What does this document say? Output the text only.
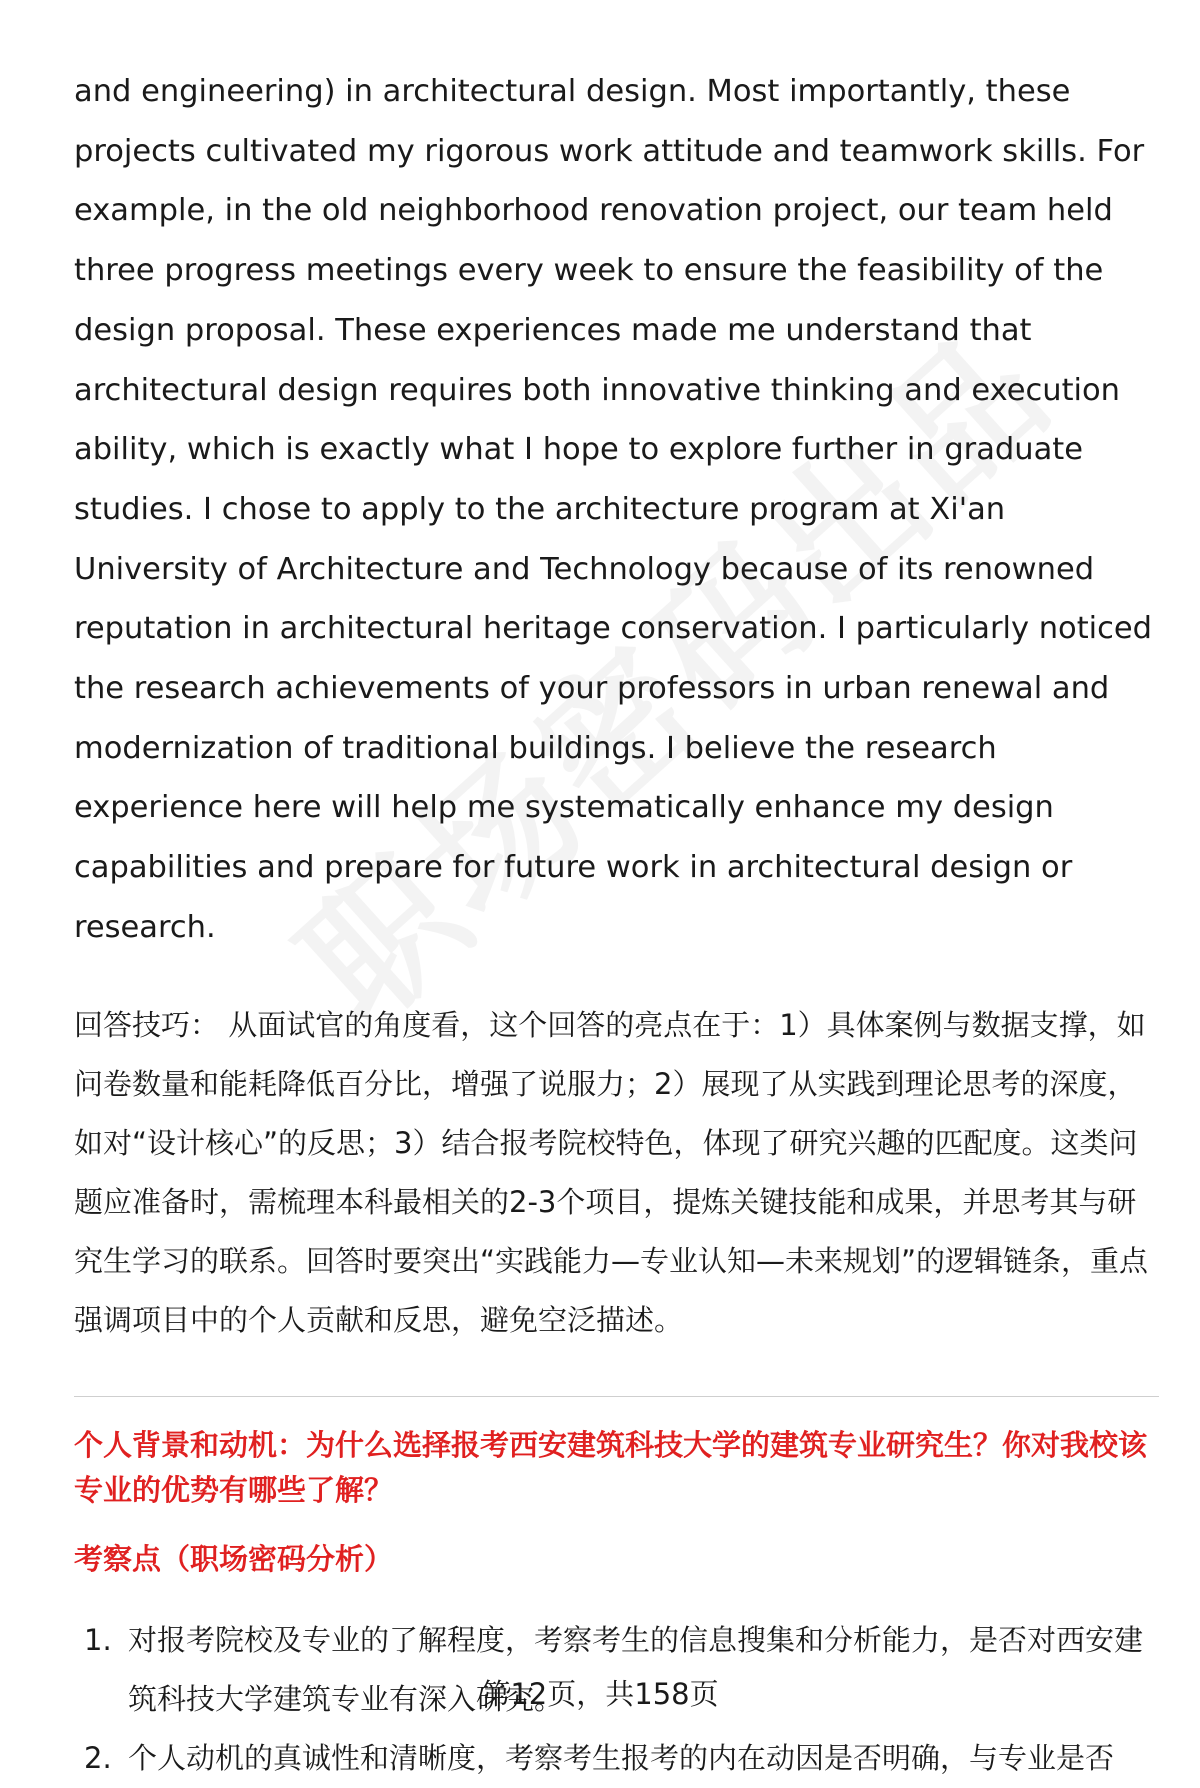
and engineering) in architectural design. Most importantly, these projects cultivated my rigorous work attitude and teamwork skills. For example, in the old neighborhood renovation project, our team held three progress meetings every week to ensure the feasibility of the design proposal. These experiences made me understand that architectural design requires both innovative thinking and execution ability, which is exactly what I hope to explore further in graduate studies. I chose to apply to the architecture program at Xi'an University of Architecture and Technology because of its renowned reputation in architectural heritage conservation. I particularly noticed the research achievements of your professors in urban renewal and modernization of traditional buildings. I believe the research experience here will help me systematically enhance my design capabilities and prepare for future work in architectural design or research.

回答技巧： 从面试官的角度看，这个回答的亮点在于：1）具体案例与数据支撑，如问卷数量和能耗降低百分比，增强了说服力；2）展现了从实践到理论思考的深度，如对“设计核心”的反思；3）结合报考院校特色，体现了研究兴趣的匹配度。这类问题应准备时，需梳理本科最相关的2-3个项目，提炼关键技能和成果，并思考其与研究生学习的联系。回答时要突出“实践能力—专业认知—未来规划”的逻辑链条，重点强调项目中的个人贡献和反思，避免空泛描述。

个人背景和动机：为什么选择报考西安建筑科技大学的建筑专业研究生？你对我校该专业的优势有哪些了解？
考察点（职场密码分析）
1. 对报考院校及专业的了解程度，考察考生的信息搜集和分析能力，是否对西安建筑科技大学建筑专业有深入研究。
2. 个人动机的真诚性和清晰度，考察考生报考的内在动因是否明确，与专业是否
第12页，共158页
